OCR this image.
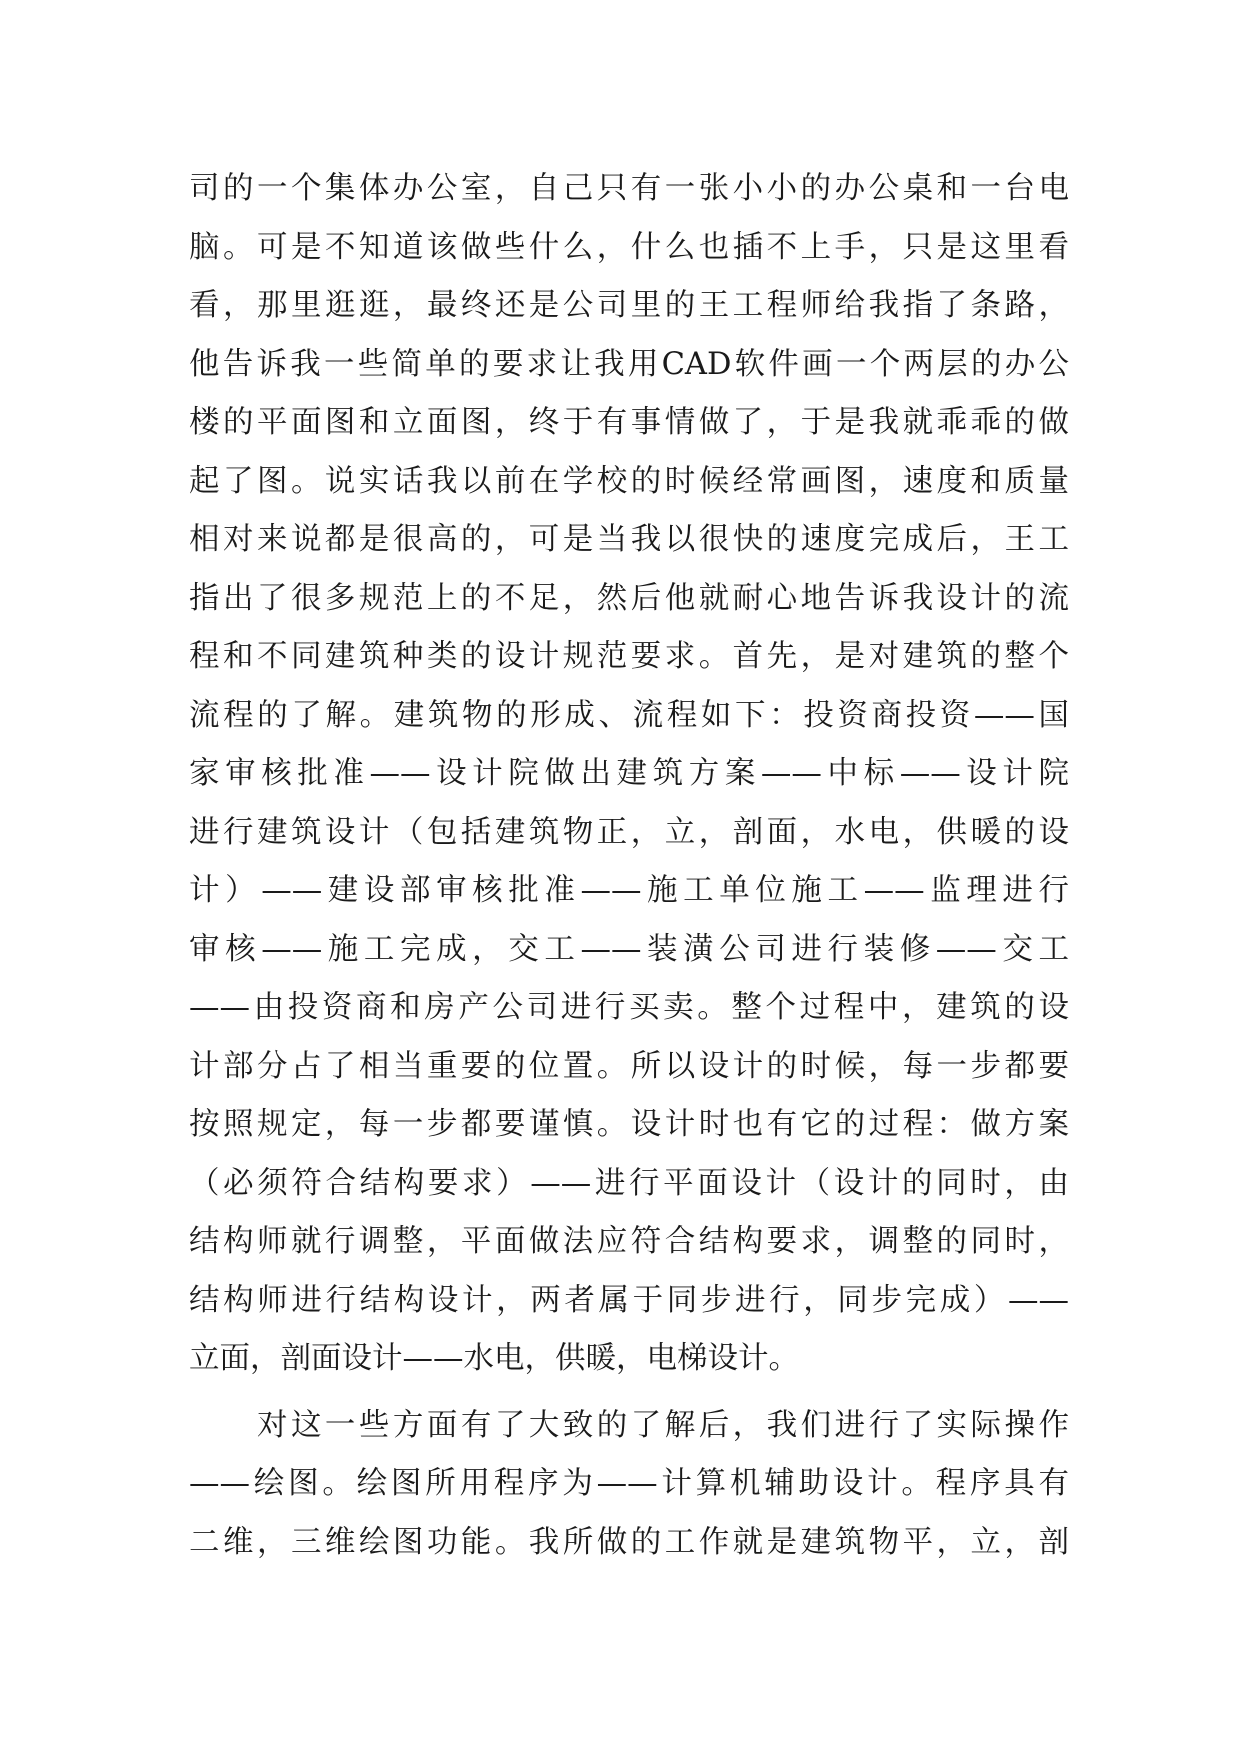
司的一个集体办公室，自己只有一张小小的办公桌和一台电
脑。可是不知道该做些什么，什么也插不上手，只是这里看
看，那里逛逛，最终还是公司里的王工程师给我指了条路，
他告诉我一些简单的要求让我用CAD软件画一个两层的办公
楼的平面图和立面图，终于有事情做了，于是我就乖乖的做
起了图。说实话我以前在学校的时候经常画图，速度和质量
相对来说都是很高的，可是当我以很快的速度完成后，王工
指出了很多规范上的不足，然后他就耐心地告诉我设计的流
程和不同建筑种类的设计规范要求。首先，是对建筑的整个
流程的了解。建筑物的形成、流程如下：投资商投资——国
家审核批准——设计院做出建筑方案——中标——设计院
进行建筑设计（包括建筑物正，立，剖面，水电，供暖的设
计）——建设部审核批准——施工单位施工——监理进行
审核——施工完成，交工——装潢公司进行装修——交工
——由投资商和房产公司进行买卖。整个过程中，建筑的设
计部分占了相当重要的位置。所以设计的时候，每一步都要
按照规定，每一步都要谨慎。设计时也有它的过程：做方案
（必须符合结构要求）——进行平面设计（设计的同时，由
结构师就行调整，平面做法应符合结构要求，调整的同时，
结构师进行结构设计，两者属于同步进行，同步完成）——
立面，剖面设计——水电，供暖，电梯设计。
　　对这一些方面有了大致的了解后，我们进行了实际操作
——绘图。绘图所用程序为——计算机辅助设计。程序具有
二维，三维绘图功能。我所做的工作就是建筑物平，立，剖
